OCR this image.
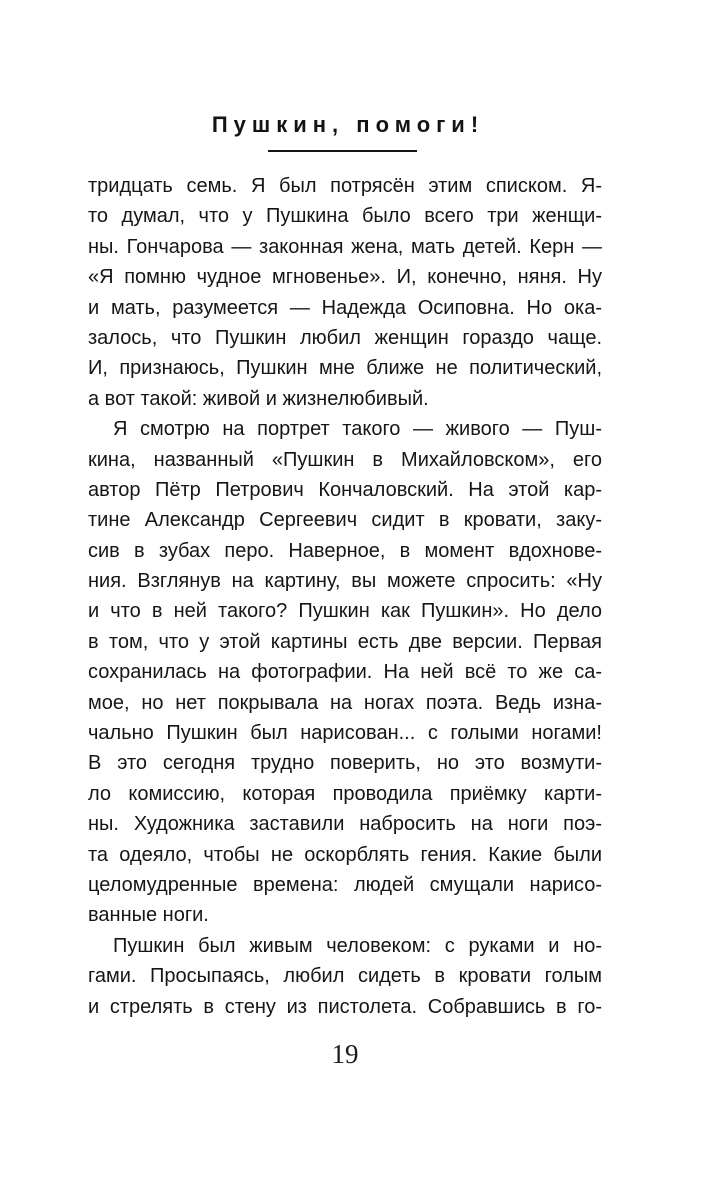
Пушкин, помоги!
тридцать семь. Я был потрясён этим списком. Я-
то думал, что у Пушкина было всего три женщи-
ны. Гончарова — законная жена, мать детей. Керн —
«Я помню чудное мгновенье». И, конечно, няня. Ну
и мать, разумеется — Надежда Осиповна. Но ока-
залось, что Пушкин любил женщин гораздо чаще.
И, признаюсь, Пушкин мне ближе не политический,
а вот такой: живой и жизнелюбивый.
Я смотрю на портрет такого — живого — Пуш-
кина, названный «Пушкин в Михайловском», его
автор Пётр Петрович Кончаловский. На этой кар-
тине Александр Сергеевич сидит в кровати, заку-
сив в зубах перо. Наверное, в момент вдохнове-
ния. Взглянув на картину, вы можете спросить: «Ну
и что в ней такого? Пушкин как Пушкин». Но дело
в том, что у этой картины есть две версии. Первая
сохранилась на фотографии. На ней всё то же са-
мое, но нет покрывала на ногах поэта. Ведь изна-
чально Пушкин был нарисован... с голыми ногами!
В это сегодня трудно поверить, но это возмути-
ло комиссию, которая проводила приёмку карти-
ны. Художника заставили набросить на ноги поэ-
та одеяло, чтобы не оскорблять гения. Какие были
целомудренные времена: людей смущали нарисо-
ванные ноги.
Пушкин был живым человеком: с руками и но-
гами. Просыпаясь, любил сидеть в кровати голым
и стрелять в стену из пистолета. Собравшись в го-
19
